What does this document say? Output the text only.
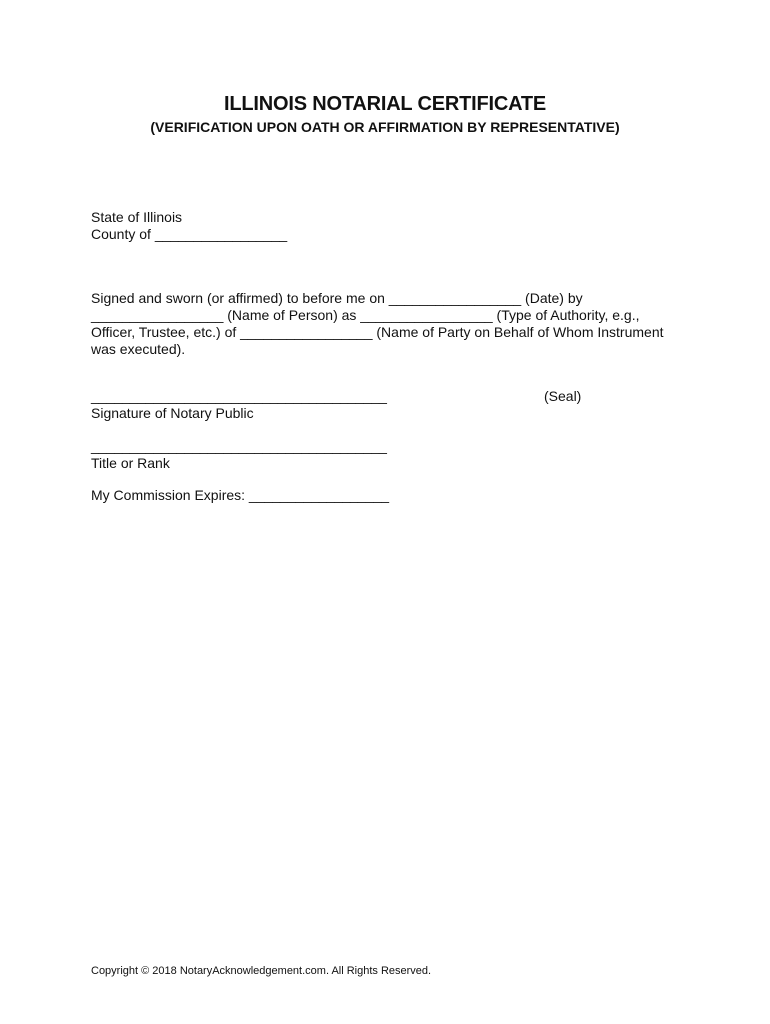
ILLINOIS NOTARIAL CERTIFICATE
(VERIFICATION UPON OATH OR AFFIRMATION BY REPRESENTATIVE)
State of Illinois
County of _________________
Signed and sworn (or affirmed) to before me on _________________ (Date) by
_________________ (Name of Person) as _________________ (Type of Authority, e.g.,
Officer, Trustee, etc.) of _________________ (Name of Party on Behalf of Whom Instrument
was executed).
______________________________________	(Seal)
Signature of Notary Public
______________________________________
Title or Rank
My Commission Expires: __________________
Copyright © 2018 NotaryAcknowledgement.com. All Rights Reserved.
